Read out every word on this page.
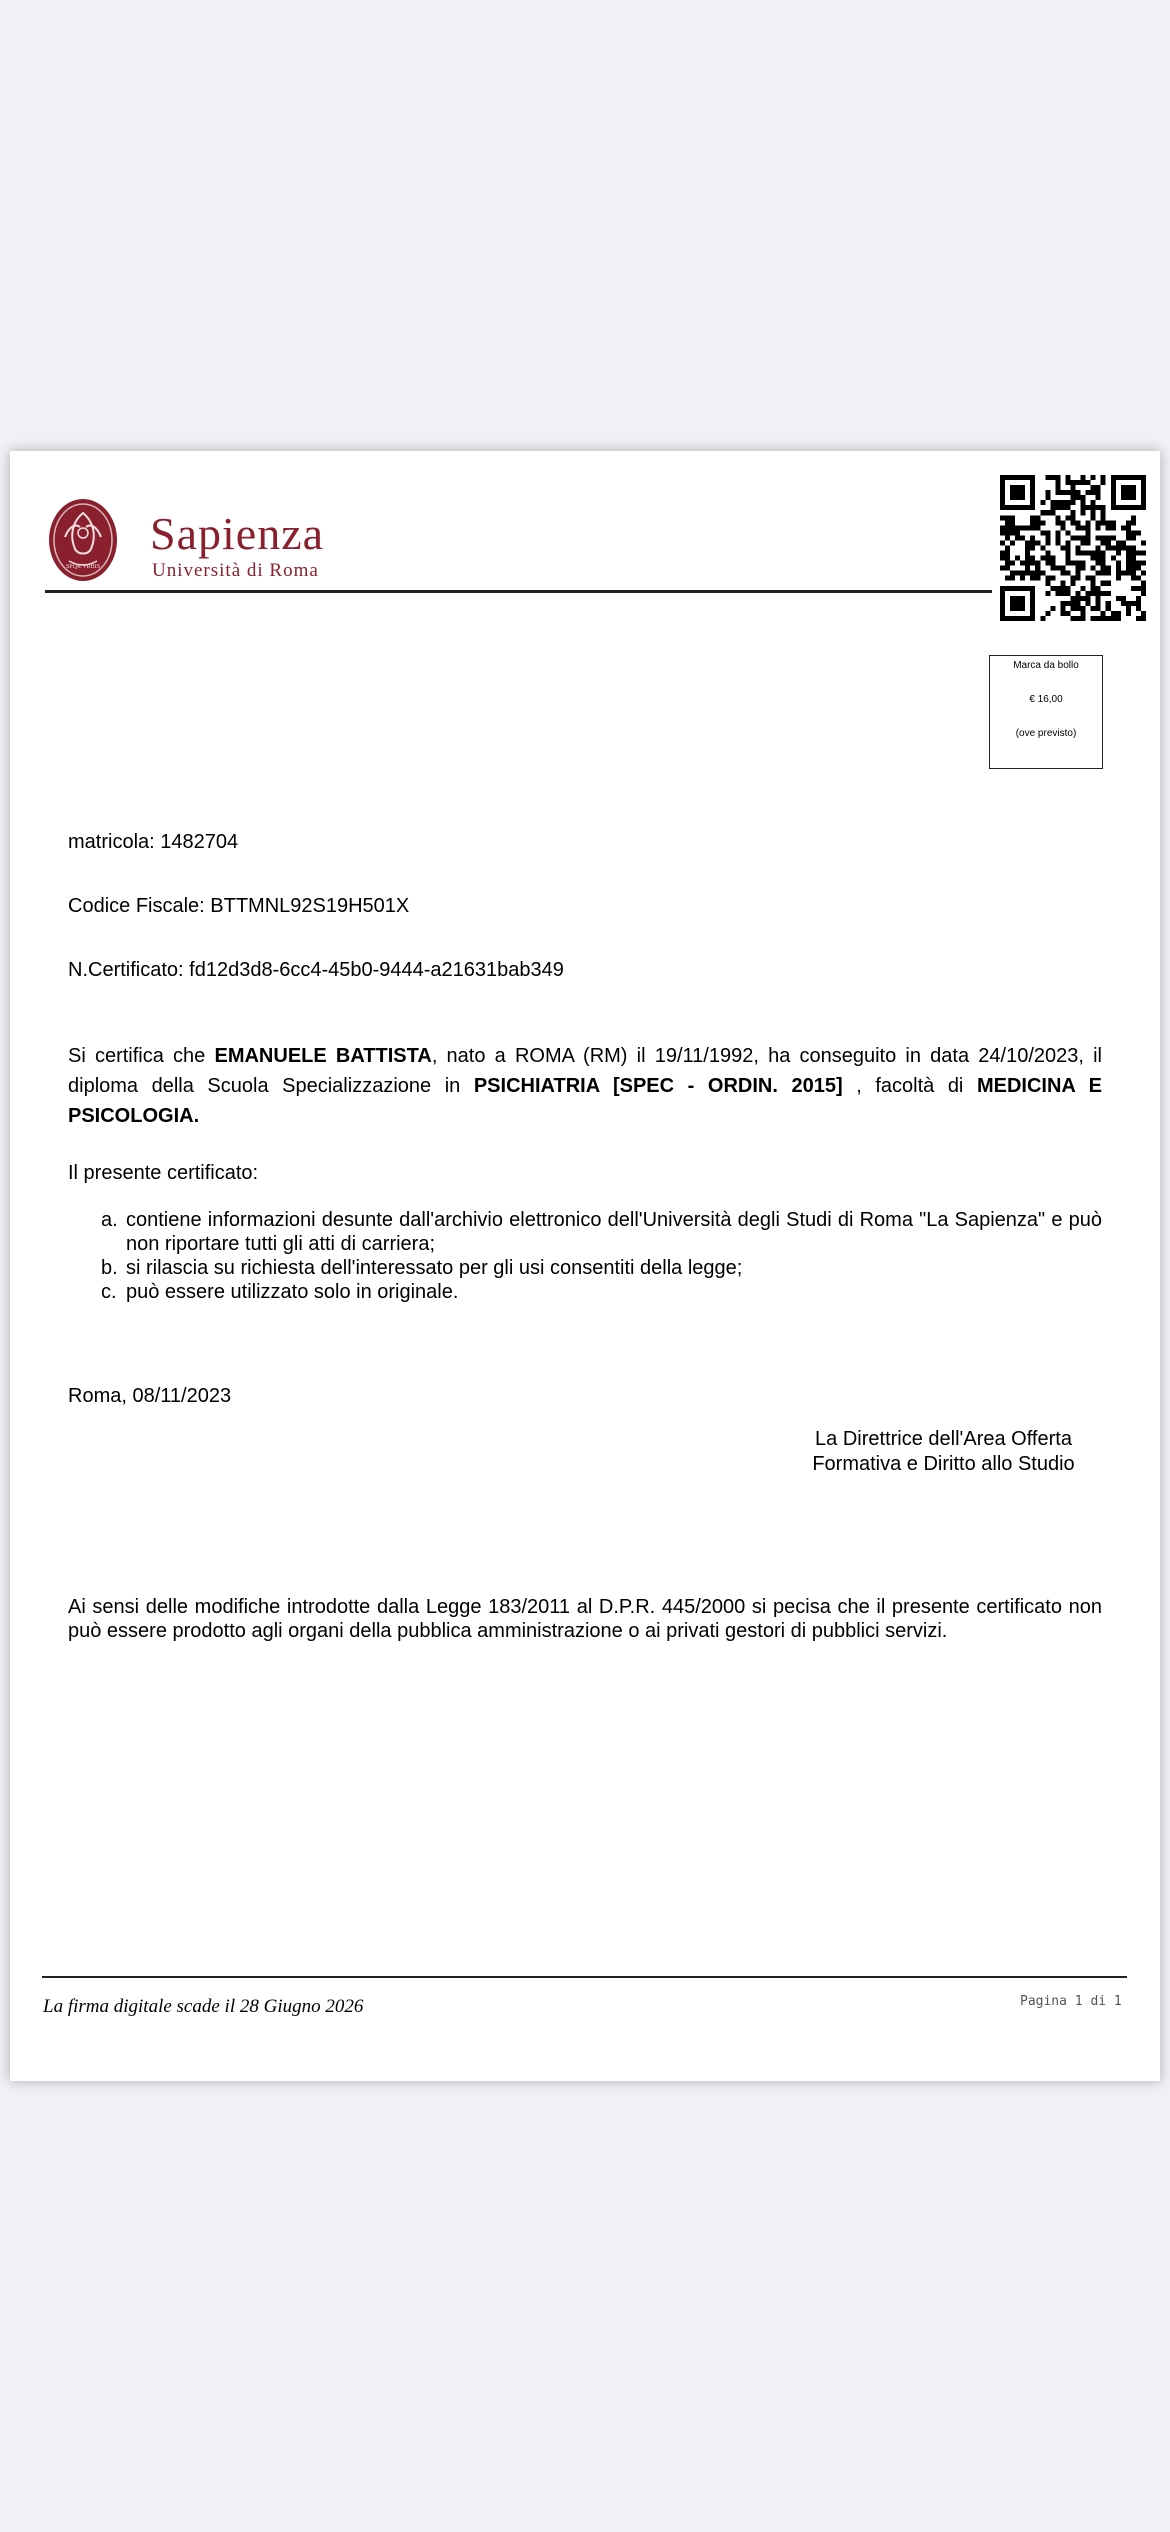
SPQR VRBIS
Sapienza
Università di Roma
Marca da bollo
€ 16,00
(ove previsto)
matricola: 1482704
Codice Fiscale: BTTMNL92S19H501X
N.Certificato: fd12d3d8-6cc4-45b0-9444-a21631bab349
Si certifica che EMANUELE BATTISTA, nato a ROMA (RM) il 19/11/1992, ha conseguito in data 24/10/2023, il diploma della Scuola Specializzazione in PSICHIATRIA [SPEC - ORDIN. 2015] , facoltà di MEDICINA E PSICOLOGIA.
Il presente certificato:
a. contiene informazioni desunte dall'archivio elettronico dell'Università degli Studi di Roma "La Sapienza" e può non riportare tutti gli atti di carriera;
b. si rilascia su richiesta dell'interessato per gli usi consentiti della legge;
c. può essere utilizzato solo in originale.
Roma, 08/11/2023
La Direttrice dell'Area Offerta
Formativa e Diritto allo Studio
Ai sensi delle modifiche introdotte dalla Legge 183/2011 al D.P.R. 445/2000 si pecisa che il presente certificato non può essere prodotto agli organi della pubblica amministrazione o ai privati gestori di pubblici servizi.
La firma digitale scade il 28 Giugno 2026	Pagina 1 di 1
